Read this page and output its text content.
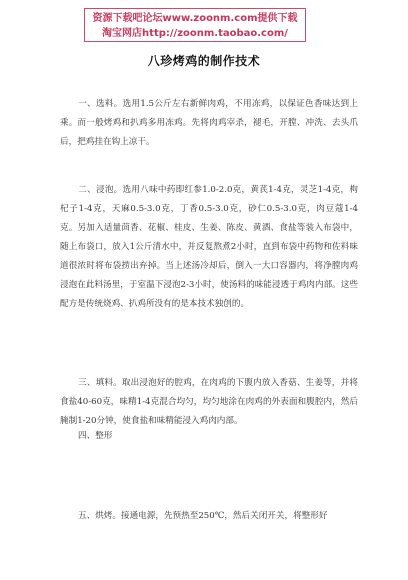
资源下载吧论坛www.zoonm.com提供下载
淘宝网店http://zoonm.taobao.com/
八珍烤鸡的制作技术
一、选料。选用1.5公斤左右新鲜肉鸡，不用冻鸡，以保证色香味达到上乘。而一般烤鸡和扒鸡多用冻鸡。先将肉鸡宰杀，褪毛，开膛、冲洗、去头爪后，把鸡挂在钩上凉干。
二、浸泡。选用八味中药即红参1.0-2.0克，黄芪1-4克，灵芝1-4克，枸杞子1-4克，天麻0.5-3.0克，丁香0.5-3.0克，砂仁0.5-3.0克，肉豆蔻1-4克。另加入适量茴香、花椒、桂皮、生姜、陈皮、黄酒、食盐等装入布袋中，随上布袋口，放入1公斤清水中，并反复熬煮2小时，直到布袋中药物和佐料味道很浓时将布袋捞出弃掉。当上述汤冷却后，倒入一大口容器内，将净膛肉鸡浸泡在此料汤里，于室温下浸泡2-3小时，使汤料的味能浸透于鸡肉内部。这些配方是传统烧鸡、扒鸡所没有的是本技术独创的。
三、填料。取出浸泡好的腔鸡，在肉鸡的下腹内放入香菇、生姜等，并将食盐40-60克，味精1-4克混合均匀，均匀地涂在肉鸡的外表面和腹腔内，然后腌制1-20分钟，使食盐和味精能浸入鸡肉内部。
四、整形
五、烘烤。接通电源，先预热至250℃，然后关闭开关，将整形好
